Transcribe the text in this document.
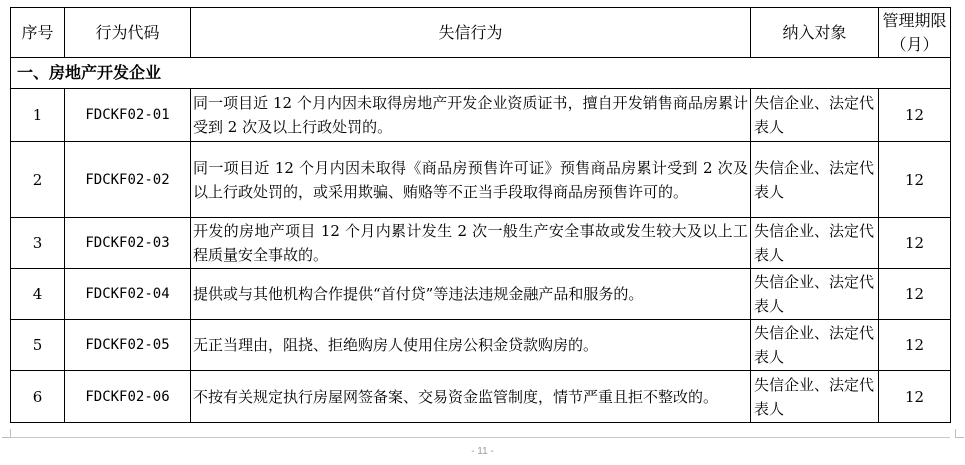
序号	行为代码	失信行为	纳入对象	管理期限（月）
一、房地产开发企业				
1	FDCKF02-01	同一项目近 12 个月内因未取得房地产开发企业资质证书，擅自开发销售商品房累计受到 2 次及以上行政处罚的。	失信企业、法定代表人	12
2	FDCKF02-02	同一项目近 12 个月内因未取得《商品房预售许可证》预售商品房累计受到 2 次及以上行政处罚的，或采用欺骗、贿赂等不正当手段取得商品房预售许可的。	失信企业、法定代表人	12
3	FDCKF02-03	开发的房地产项目 12 个月内累计发生 2 次一般生产安全事故或发生较大及以上工程质量安全事故的。	失信企业、法定代表人	12
4	FDCKF02-04	提供或与其他机构合作提供“首付贷”等违法违规金融产品和服务的。	失信企业、法定代表人	12
5	FDCKF02-05	无正当理由，阻挠、拒绝购房人使用住房公积金贷款购房的。	失信企业、法定代表人	12
6	FDCKF02-06	不按有关规定执行房屋网签备案、交易资金监管制度，情节严重且拒不整改的。	失信企业、法定代表人	12
- 11 -
